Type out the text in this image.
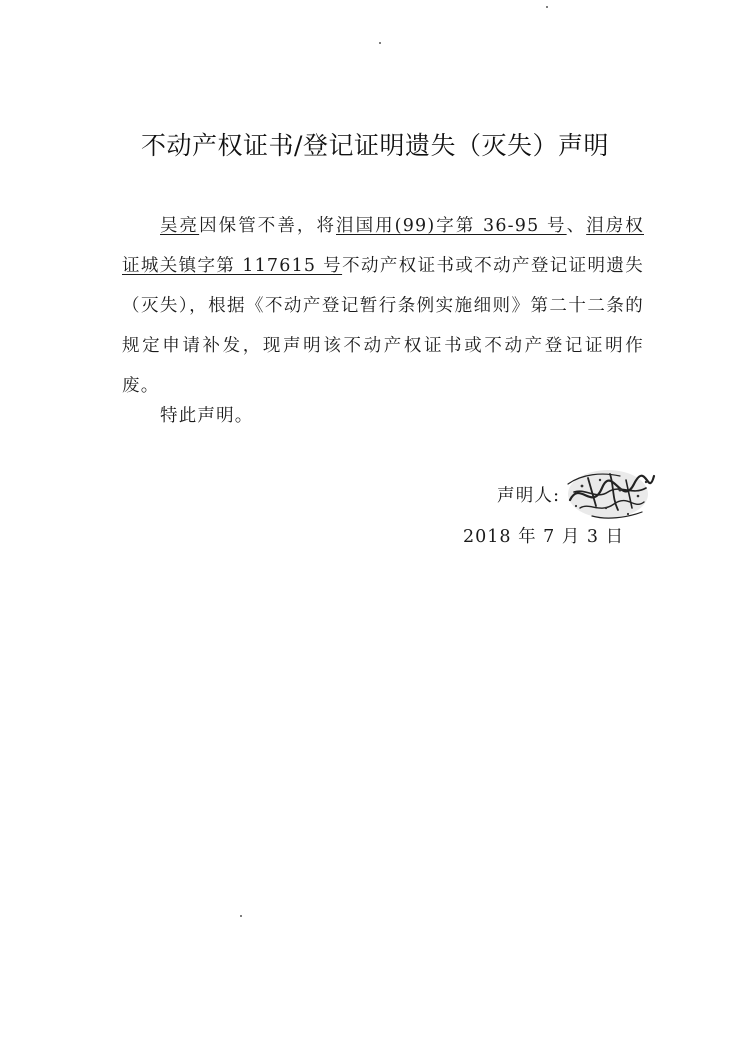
不动产权证书/登记证明遗失（灭失）声明

吴亮因保管不善，将泪国用(99)字第 36-95 号、泪房权证城关镇字第 117615 号不动产权证书或不动产登记证明遗失（灭失），根据《不动产登记暂行条例实施细则》第二十二条的规定申请补发，现声明该不动产权证书或不动产登记证明作废。

特此声明。
声明人:
2018 年 7 月 3 日
